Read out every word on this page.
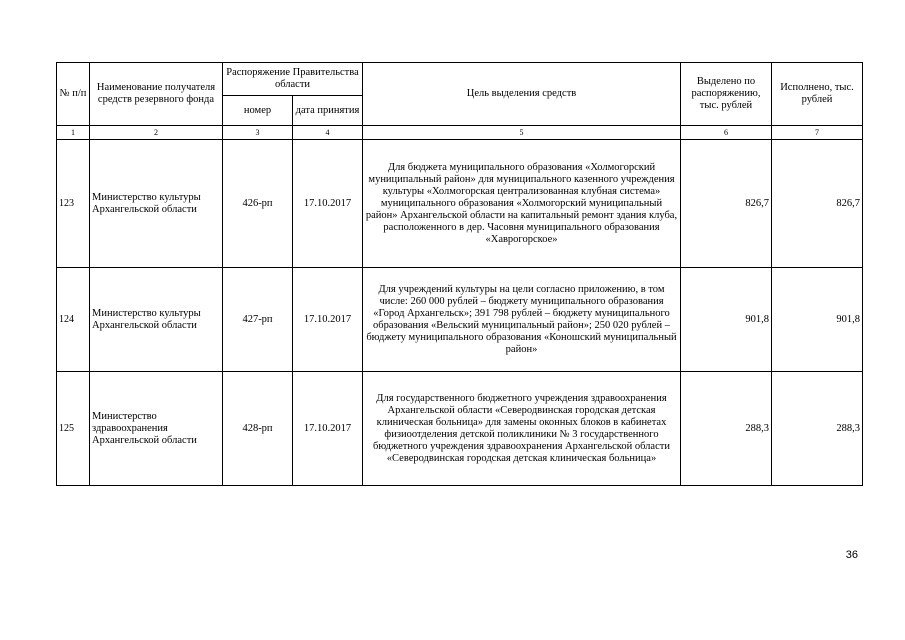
№ п/п	Наименование получателя средств резервного фонда	Распоряжение Правительства области		Цель выделения средств	Выделено по распоряжению, тыс. рублей	Исполнено, тыс. рублей
		номер	дата принятия			
1	2	3	4	5	6	7
123	Министерство культуры Архангельской области	426-рп	17.10.2017	Для бюджета муниципального образования «Холмогорский муниципальный район» для муниципального казенного учреждения культуры «Холмогорская централизованная клубная система» муниципального образования «Холмогорский муниципальный район» Архангельской области на капитальный ремонт здания клуба, расположенного в дер. Часовня муниципального образования «Хаврогорское»	826,7	826,7
124	Министерство культуры Архангельской области	427-рп	17.10.2017	Для учреждений культуры на цели согласно приложению, в том числе: 260 000 рублей – бюджету муниципального образования «Город Архангельск»; 391 798 рублей – бюджету муниципального образования «Вельский муниципальный район»; 250 020 рублей – бюджету муниципального образования «Коношский муниципальный район»	901,8	901,8
125	Министерство здравоохранения Архангельской области	428-рп	17.10.2017	Для государственного бюджетного учреждения здравоохранения Архангельской области «Северодвинская городская детская клиническая больница» для замены оконных блоков в кабинетах физиоотделения детской поликлиники № 3 государственного бюджетного учреждения здравоохранения Архангельской области «Северодвинская городская детская клиническая больница»	288,3	288,3
36
